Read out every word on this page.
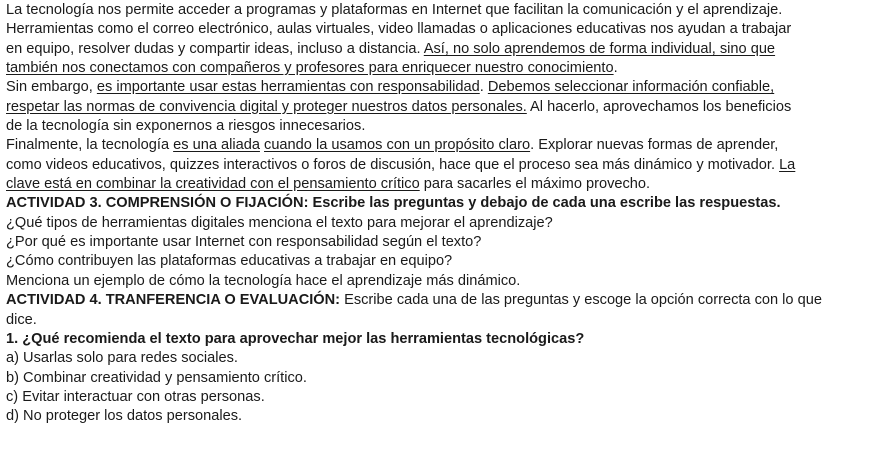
La tecnología nos permite acceder a programas y plataformas en Internet que facilitan la comunicación y el aprendizaje.
Herramientas como el correo electrónico, aulas virtuales, video llamadas o aplicaciones educativas nos ayudan a trabajar
en equipo, resolver dudas y compartir ideas, incluso a distancia. Así, no solo aprendemos de forma individual, sino que
también nos conectamos con compañeros y profesores para enriquecer nuestro conocimiento.
Sin embargo, es importante usar estas herramientas con responsabilidad. Debemos seleccionar información confiable,
respetar las normas de convivencia digital y proteger nuestros datos personales. Al hacerlo, aprovechamos los beneficios
de la tecnología sin exponernos a riesgos innecesarios.
Finalmente, la tecnología es una aliada cuando la usamos con un propósito claro. Explorar nuevas formas de aprender,
como videos educativos, quizzes interactivos o foros de discusión, hace que el proceso sea más dinámico y motivador. La
clave está en combinar la creatividad con el pensamiento crítico para sacarles el máximo provecho.
ACTIVIDAD 3. COMPRENSIÓN O FIJACIÓN: Escribe las preguntas y debajo de cada una escribe las respuestas.
¿Qué tipos de herramientas digitales menciona el texto para mejorar el aprendizaje?
¿Por qué es importante usar Internet con responsabilidad según el texto?
¿Cómo contribuyen las plataformas educativas a trabajar en equipo?
Menciona un ejemplo de cómo la tecnología hace el aprendizaje más dinámico.
ACTIVIDAD 4. TRANFERENCIA O EVALUACIÓN: Escribe cada una de las preguntas y escoge la opción correcta con lo que
dice.
1. ¿Qué recomienda el texto para aprovechar mejor las herramientas tecnológicas?
a) Usarlas solo para redes sociales.
b) Combinar creatividad y pensamiento crítico.
c) Evitar interactuar con otras personas.
d) No proteger los datos personales.
